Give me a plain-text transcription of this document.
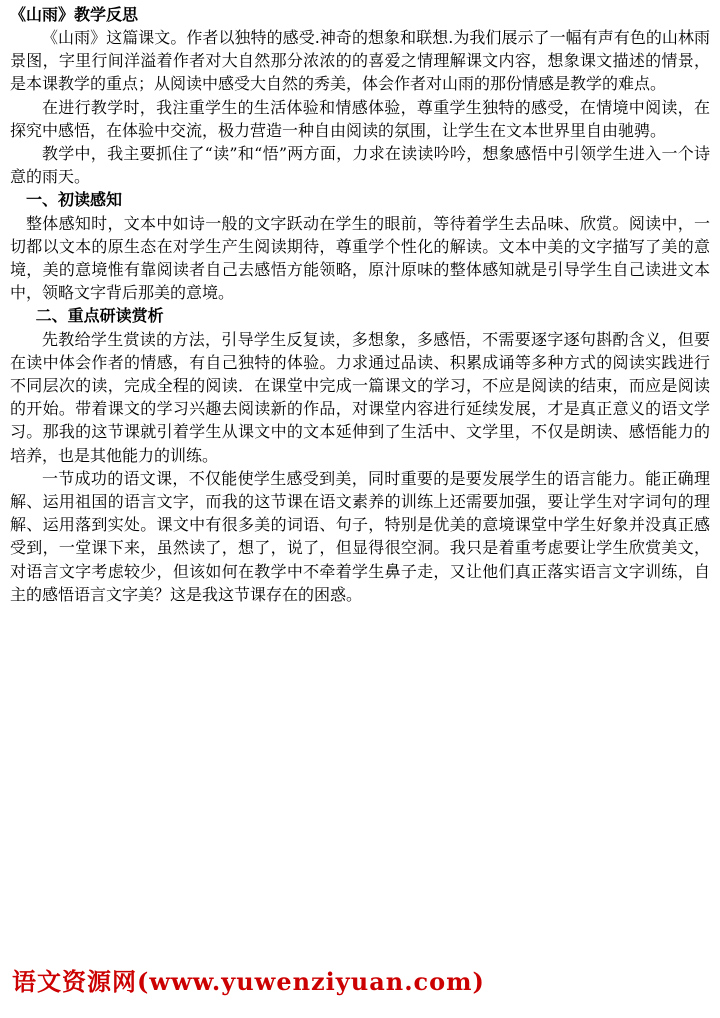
《山雨》教学反思

《山雨》这篇课文。作者以独特的感受.神奇的想象和联想.为我们展示了一幅有声有色的山林雨景图，字里行间洋溢着作者对大自然那分浓浓的的喜爱之情理解课文内容，想象课文描述的情景，是本课教学的重点；从阅读中感受大自然的秀美，体会作者对山雨的那份情感是教学的难点。

在进行教学时，我注重学生的生活体验和情感体验，尊重学生独特的感受，在情境中阅读，在探究中感悟，在体验中交流，极力营造一种自由阅读的氛围，让学生在文本世界里自由驰骋。

教学中，我主要抓住了“读”和“悟”两方面，力求在读读吟吟，想象感悟中引领学生进入一个诗意的雨天。

一、初读感知

整体感知时，文本中如诗一般的文字跃动在学生的眼前，等待着学生去品味、欣赏。阅读中，一切都以文本的原生态在对学生产生阅读期待，尊重学个性化的解读。文本中美的文字描写了美的意境，美的意境惟有靠阅读者自己去感悟方能领略，原汁原味的整体感知就是引导学生自己读进文本中，领略文字背后那美的意境。

二、重点研读赏析

先教给学生赏读的方法，引导学生反复读，多想象，多感悟，不需要逐字逐句斟酌含义，但要在读中体会作者的情感，有自己独特的体验。力求通过品读、积累成诵等多种方式的阅读实践进行不同层次的读，完成全程的阅读．在课堂中完成一篇课文的学习，不应是阅读的结束，而应是阅读的开始。带着课文的学习兴趣去阅读新的作品，对课堂内容进行延续发展，才是真正意义的语文学习。那我的这节课就引着学生从课文中的文本延伸到了生活中、文学里，不仅是朗读、感悟能力的培养，也是其他能力的训练。

一节成功的语文课，不仅能使学生感受到美，同时重要的是要发展学生的语言能力。能正确理解、运用祖国的语言文字，而我的这节课在语文素养的训练上还需要加强，要让学生对字词句的理解、运用落到实处。课文中有很多美的词语、句子，特别是优美的意境课堂中学生好象并没真正感受到，一堂课下来，虽然读了，想了，说了，但显得很空洞。我只是着重考虑要让学生欣赏美文，对语言文字考虑较少，但该如何在教学中不牵着学生鼻子走，又让他们真正落实语言文字训练，自主的感悟语言文字美？这是我这节课存在的困惑。

语文资源网(www.yuwenziyuan.com)
